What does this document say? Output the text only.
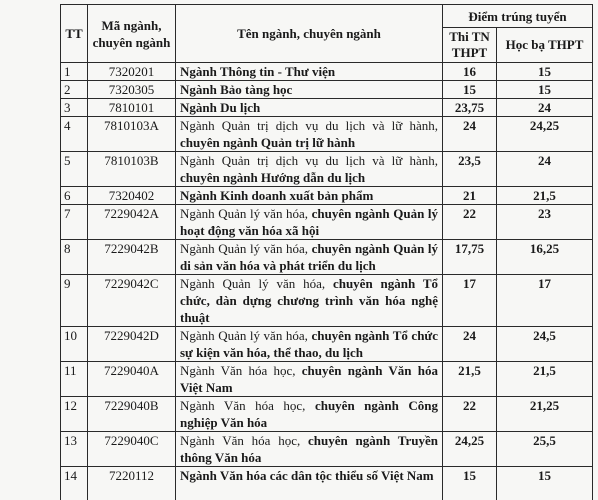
TT	Mã ngành, chuyên ngành	Tên ngành, chuyên ngành	Điểm trúng tuyển	
			Thi TN THPT	Học bạ THPT
1	7320201	Ngành Thông tin - Thư viện	16	15
2	7320305	Ngành Bảo tàng học	15	15
3	7810101	Ngành Du lịch	23,75	24
4	7810103A	Ngành Quản trị dịch vụ du lịch và lữ hành, chuyên ngành Quản trị lữ hành	24	24,25
5	7810103B	Ngành Quản trị dịch vụ du lịch và lữ hành, chuyên ngành Hướng dẫn du lịch	23,5	24
6	7320402	Ngành Kinh doanh xuất bản phẩm	21	21,5
7	7229042A	Ngành Quản lý văn hóa, chuyên ngành Quản lý hoạt động văn hóa xã hội	22	23
8	7229042B	Ngành Quản lý văn hóa, chuyên ngành Quản lý di sản văn hóa và phát triển du lịch	17,75	16,25
9	7229042C	Ngành Quản lý văn hóa, chuyên ngành Tổ chức, dàn dựng chương trình văn hóa nghệ thuật	17	17
10	7229042D	Ngành Quản lý văn hóa, chuyên ngành Tổ chức sự kiện văn hóa, thể thao, du lịch	24	24,5
11	7229040A	Ngành Văn hóa học, chuyên ngành Văn hóa Việt Nam	21,5	21,5
12	7229040B	Ngành Văn hóa học, chuyên ngành Công nghiệp Văn hóa	22	21,25
13	7229040C	Ngành Văn hóa học, chuyên ngành Truyền thông Văn hóa	24,25	25,5
14	7220112	Ngành Văn hóa các dân tộc thiểu số Việt Nam	15	15
